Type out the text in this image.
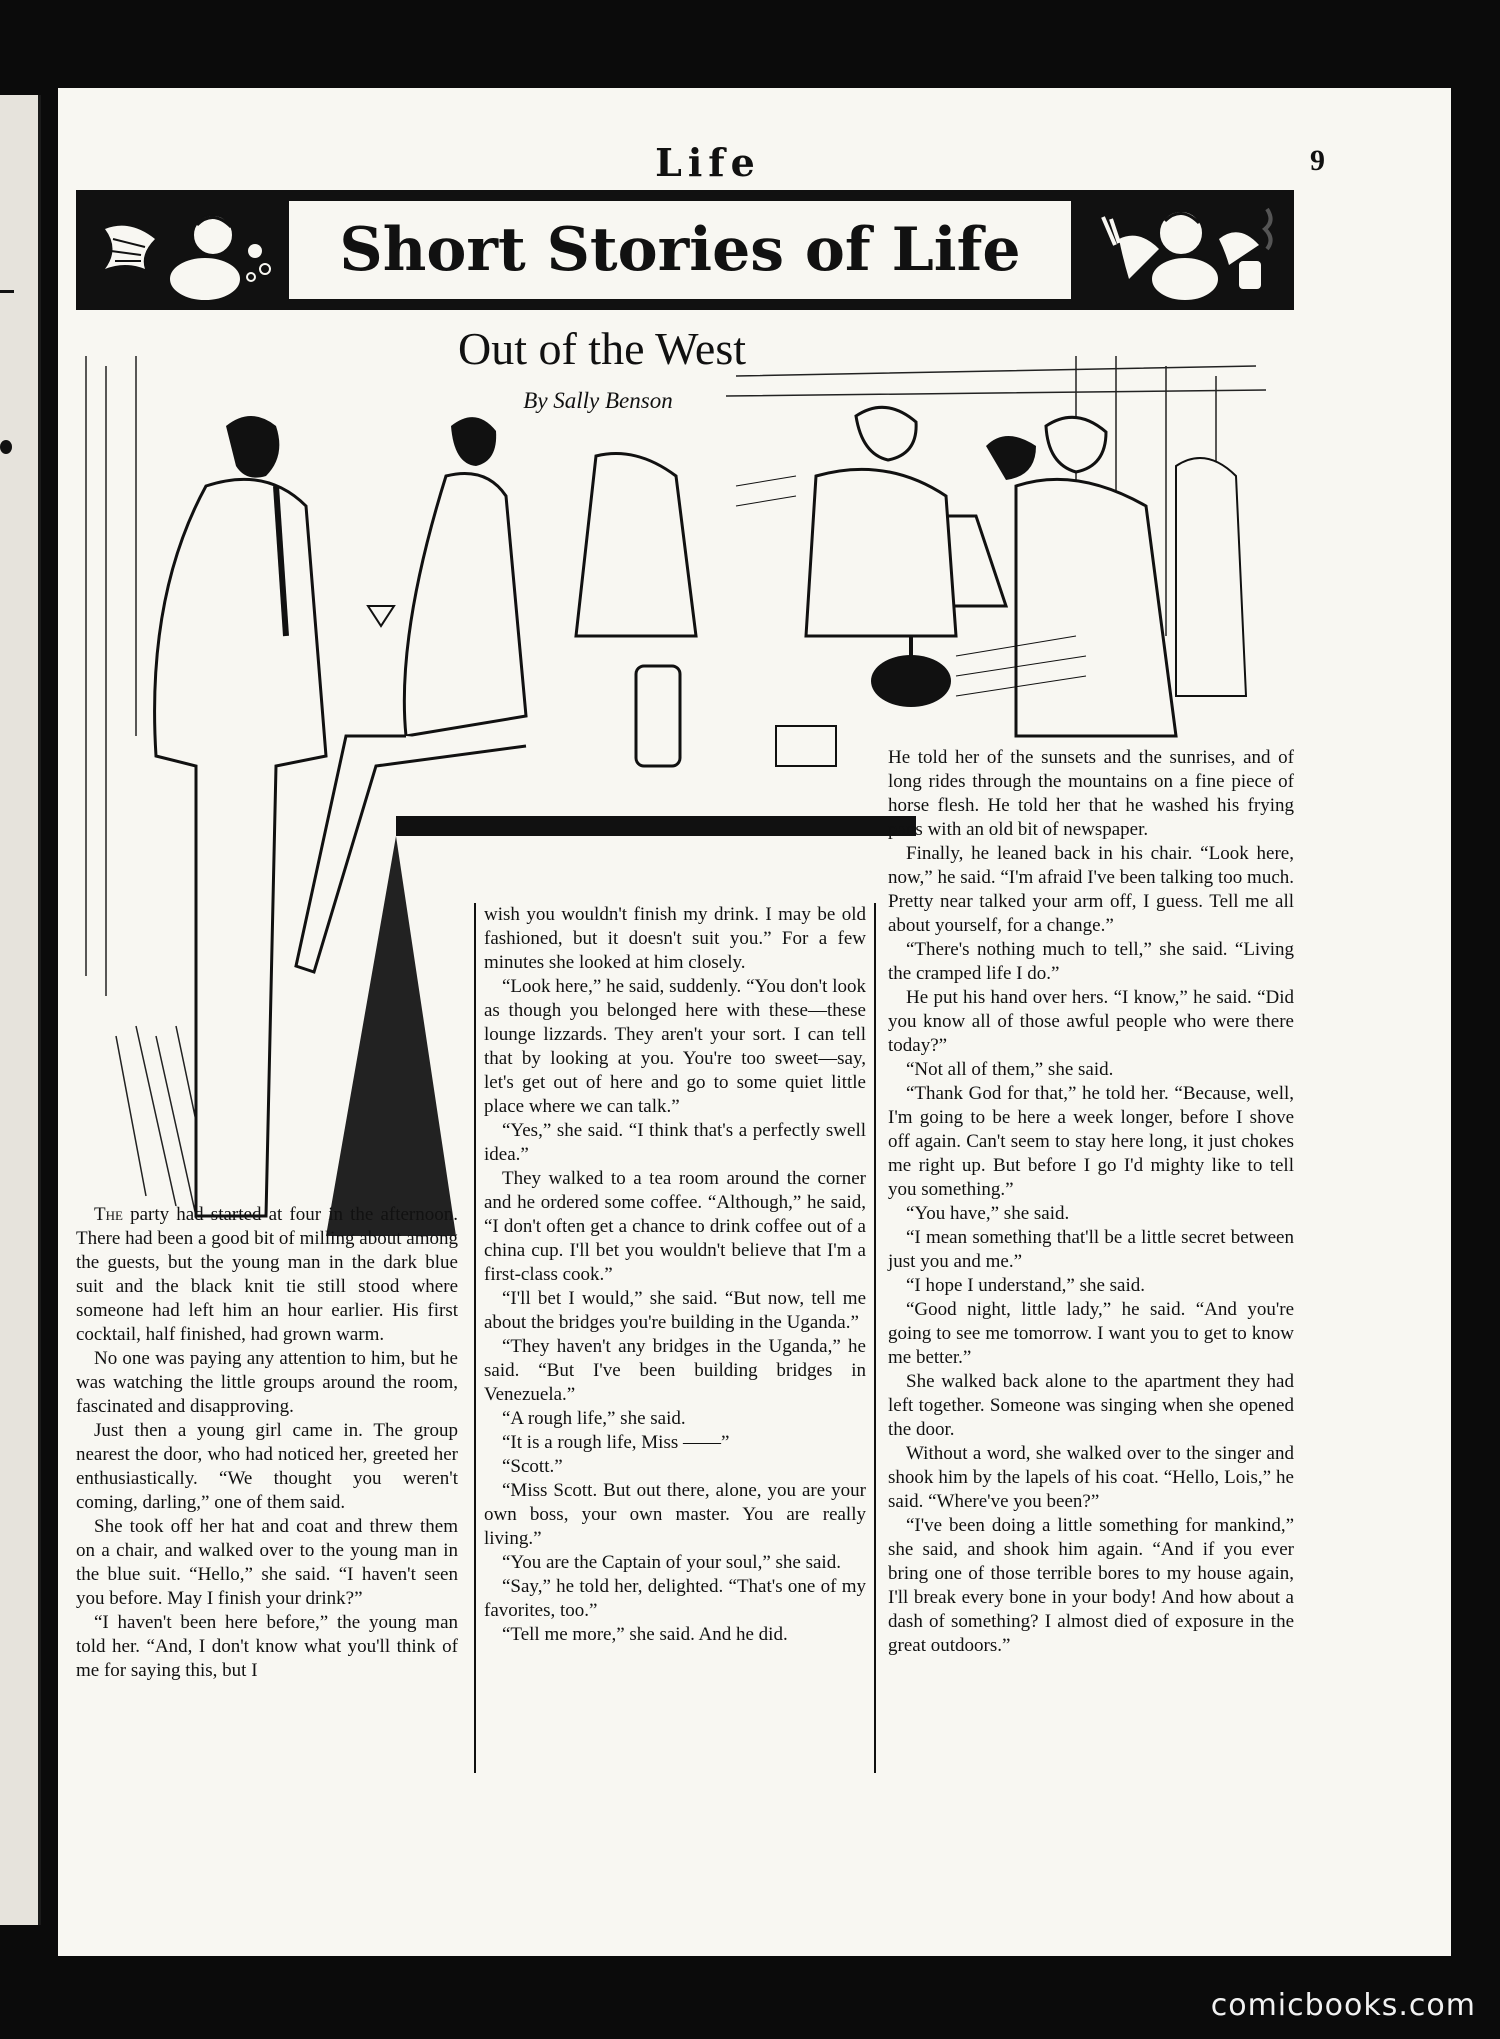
Life	9
Short Stories of Life
Out of the West
By Sally Benson

The party had started at four in the afternoon. There had been a good bit of milling about among the guests, but the young man in the dark blue suit and the black knit tie still stood where someone had left him an hour earlier. His first cocktail, half finished, had grown warm.

No one was paying any attention to him, but he was watching the little groups around the room, fascinated and disapproving.

Just then a young girl came in. The group nearest the door, who had noticed her, greeted her enthusiastically. “We thought you weren't coming, darling,” one of them said.

She took off her hat and coat and threw them on a chair, and walked over to the young man in the blue suit. “Hello,” she said. “I haven't seen you before. May I finish your drink?”

“I haven't been here before,” the young man told her. “And, I don't know what you'll think of me for saying this, but I

wish you wouldn't finish my drink. I may be old fashioned, but it doesn't suit you.” For a few minutes she looked at him closely.

“Look here,” he said, suddenly. “You don't look as though you belonged here with these—these lounge lizzards. They aren't your sort. I can tell that by looking at you. You're too sweet—say, let's get out of here and go to some quiet little place where we can talk.”

“Yes,” she said. “I think that's a perfectly swell idea.”

They walked to a tea room around the corner and he ordered some coffee. “Although,” he said, “I don't often get a chance to drink coffee out of a china cup. I'll bet you wouldn't believe that I'm a first-class cook.”

“I'll bet I would,” she said. “But now, tell me about the bridges you're building in the Uganda.”

“They haven't any bridges in the Uganda,” he said. “But I've been building bridges in Venezuela.”

“A rough life,” she said.

“It is a rough life, Miss ——”

“Scott.”

“Miss Scott. But out there, alone, you are your own boss, your own master. You are really living.”

“You are the Captain of your soul,” she said.

“Say,” he told her, delighted. “That's one of my favorites, too.”

“Tell me more,” she said. And he did.

He told her of the sunsets and the sunrises, and of long rides through the mountains on a fine piece of horse flesh. He told her that he washed his frying pans with an old bit of newspaper.

Finally, he leaned back in his chair. “Look here, now,” he said. “I'm afraid I've been talking too much. Pretty near talked your arm off, I guess. Tell me all about yourself, for a change.”

“There's nothing much to tell,” she said. “Living the cramped life I do.”

He put his hand over hers. “I know,” he said. “Did you know all of those awful people who were there today?”

“Not all of them,” she said.

“Thank God for that,” he told her. “Because, well, I'm going to be here a week longer, before I shove off again. Can't seem to stay here long, it just chokes me right up. But before I go I'd mighty like to tell you something.”

“You have,” she said.

“I mean something that'll be a little secret between just you and me.”

“I hope I understand,” she said.

“Good night, little lady,” he said. “And you're going to see me tomorrow. I want you to get to know me better.”

She walked back alone to the apartment they had left together. Someone was singing when she opened the door.

Without a word, she walked over to the singer and shook him by the lapels of his coat. “Hello, Lois,” he said. “Where've you been?”

“I've been doing a little something for mankind,” she said, and shook him again. “And if you ever bring one of those terrible bores to my house again, I'll break every bone in your body! And how about a dash of something? I almost died of exposure in the great outdoors.”

comicbooks.com
